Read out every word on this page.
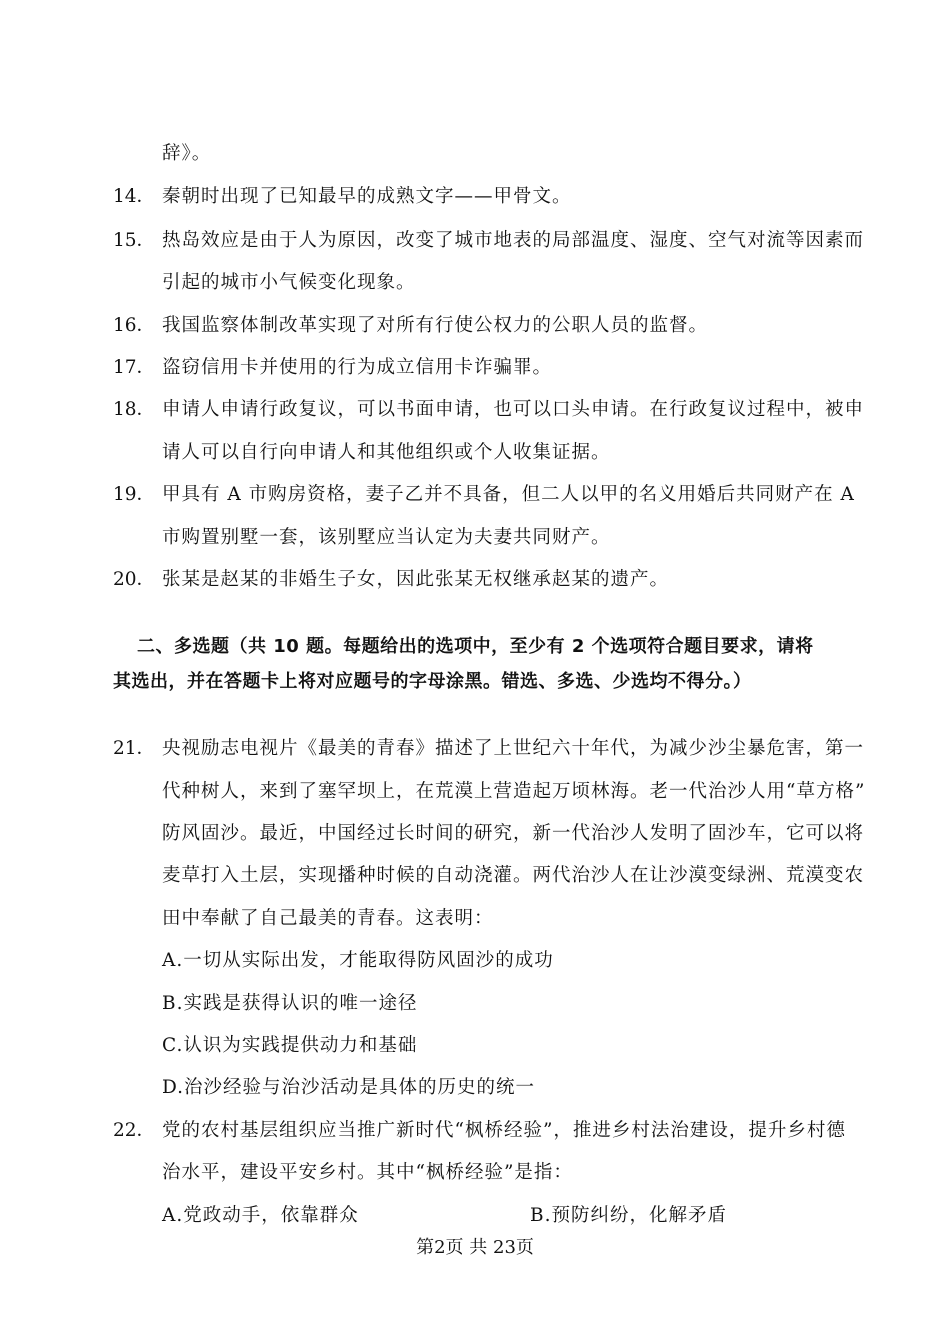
辞》。
14． 秦朝时出现了已知最早的成熟文字——甲骨文。
15． 热岛效应是由于人为原因，改变了城市地表的局部温度、湿度、空气对流等因素而
引起的城市小气候变化现象。
16． 我国监察体制改革实现了对所有行使公权力的公职人员的监督。
17． 盗窃信用卡并使用的行为成立信用卡诈骗罪。
18． 申请人申请行政复议，可以书面申请，也可以口头申请。在行政复议过程中，被申
请人可以自行向申请人和其他组织或个人收集证据。
19． 甲具有 A 市购房资格，妻子乙并不具备，但二人以甲的名义用婚后共同财产在 A
市购置别墅一套，该别墅应当认定为夫妻共同财产。
20． 张某是赵某的非婚生子女，因此张某无权继承赵某的遗产。
二、多选题（共 10 题。每题给出的选项中，至少有 2 个选项符合题目要求，请将
其选出，并在答题卡上将对应题号的字母涂黑。错选、多选、少选均不得分。）
21． 央视励志电视片《最美的青春》描述了上世纪六十年代，为减少沙尘暴危害，第一
代种树人，来到了塞罕坝上，在荒漠上营造起万顷林海。老一代治沙人用“草方格”
防风固沙。最近，中国经过长时间的研究，新一代治沙人发明了固沙车，它可以将
麦草打入土层，实现播种时候的自动浇灌。两代治沙人在让沙漠变绿洲、荒漠变农
田中奉献了自己最美的青春。这表明：
A.一切从实际出发，才能取得防风固沙的成功
B.实践是获得认识的唯一途径
C.认识为实践提供动力和基础
D.治沙经验与治沙活动是具体的历史的统一
22． 党的农村基层组织应当推广新时代“枫桥经验”，推进乡村法治建设，提升乡村德
治水平，建设平安乡村。其中“枫桥经验”是指：
A.党政动手，依靠群众	B.预防纠纷，化解矛盾
第2页 共 23页
